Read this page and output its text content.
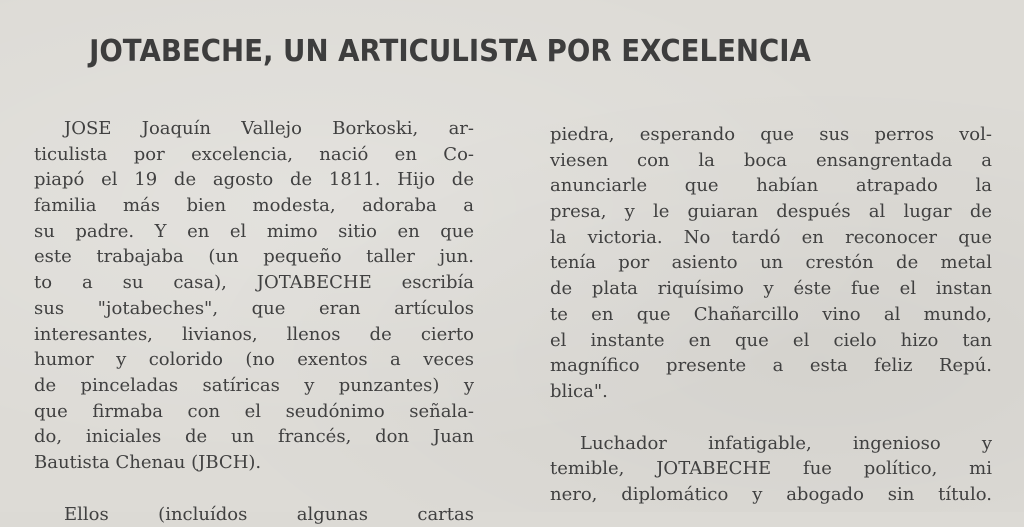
JOTABECHE, UN ARTICULISTA POR EXCELENCIA
JOSE Joaquín Vallejo Borkoski, ar-
ticulista por excelencia, nació en Co-
piapó el 19 de agosto de 1811. Hijo de
familia más bien modesta, adoraba a
su padre. Y en el mimo sitio en que
este trabajaba (un pequeño taller jun.
to a su casa), JOTABECHE escribía
sus "jotabeches", que eran artículos
interesantes, livianos, llenos de cierto
humor y colorido (no exentos a veces
de pinceladas satíricas y punzantes) y
que firmaba con el seudónimo señala-
do, iniciales de un francés, don Juan
Bautista Chenau (JBCH).
Ellos (incluídos algunas cartas
piedra, esperando que sus perros vol-
viesen con la boca ensangrentada a
anunciarle que habían atrapado la
presa, y le guiaran después al lugar de
la victoria. No tardó en reconocer que
tenía por asiento un crestón de metal
de plata riquísimo y éste fue el instan
te en que Chañarcillo vino al mundo,
el instante en que el cielo hizo tan
magnífico presente a esta feliz Repú.
blica".
Luchador infatigable, ingenioso y
temible, JOTABECHE fue político, mi
nero, diplomático y abogado sin título.
